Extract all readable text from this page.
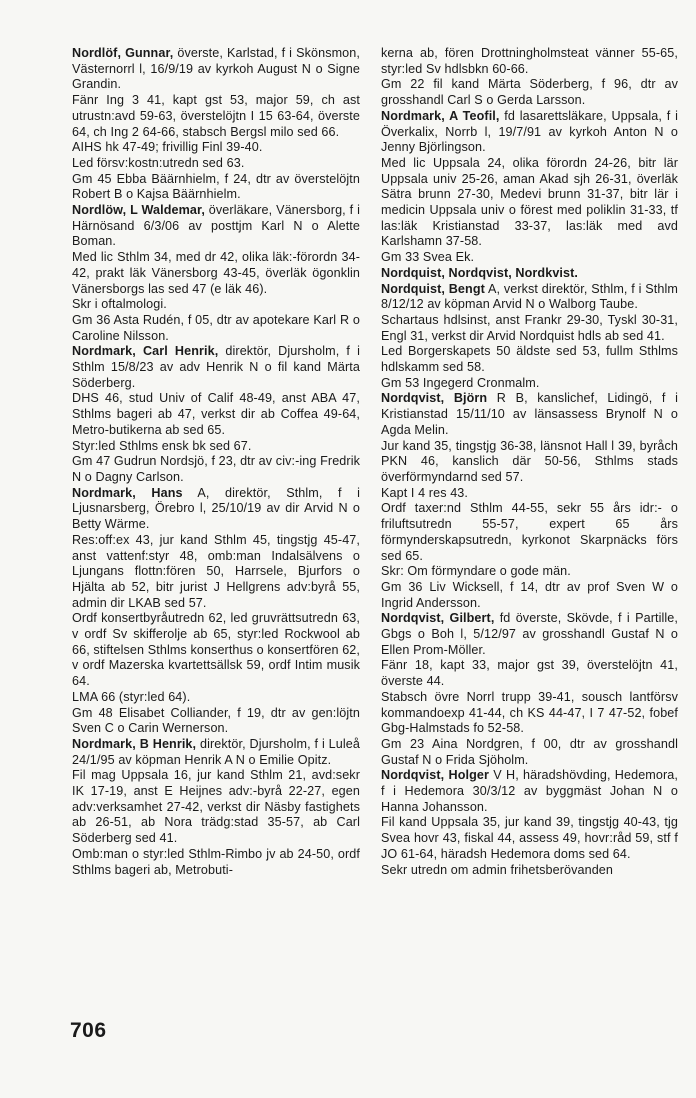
Nordlöf, Gunnar, överste, Karlstad, f i Skönsmon, Västernorrl l, 16/9/19 av kyrkoh August N o Signe Grandin.

Fänr Ing 3 41, kapt gst 53, major 59, ch ast utrustn:avd 59-63, överstelöjtn I 15 63-64, överste 64, ch Ing 2 64-66, stabsch Bergsl milo sed 66.

AIHS hk 47-49; frivillig Finl 39-40.

Led försv:kostn:utredn sed 63.

Gm 45 Ebba Bäärnhielm, f 24, dtr av överstelöjtn Robert B o Kajsa Bäärnhielm.

Nordlöw, L Waldemar, överläkare, Vänersborg, f i Härnösand 6/3/06 av posttjm Karl N o Alette Boman.

Med lic Sthlm 34, med dr 42, olika läk:-förordn 34-42, prakt läk Vänersborg 43-45, överläk ögonklin Vänersborgs las sed 47 (e läk 46).

Skr i oftalmologi.

Gm 36 Asta Rudén, f 05, dtr av apotekare Karl R o Caroline Nilsson.

Nordmark, Carl Henrik, direktör, Djursholm, f i Sthlm 15/8/23 av adv Henrik N o fil kand Märta Söderberg.

DHS 46, stud Univ of Calif 48-49, anst ABA 47, Sthlms bageri ab 47, verkst dir ab Coffea 49-64, Metro-butikerna ab sed 65.

Styr:led Sthlms ensk bk sed 67.

Gm 47 Gudrun Nordsjö, f 23, dtr av civ:-ing Fredrik N o Dagny Carlson.

Nordmark, Hans A, direktör, Sthlm, f i Ljusnarsberg, Örebro l, 25/10/19 av dir Arvid N o Betty Wärme.

Res:off:ex 43, jur kand Sthlm 45, tingstjg 45-47, anst vattenf:styr 48, omb:man Indalsälvens o Ljungans flottn:fören 50, Harrsele, Bjurfors o Hjälta ab 52, bitr jurist J Hellgrens adv:byrå 55, admin dir LKAB sed 57.

Ordf konsertbyråutredn 62, led gruvrättsutredn 63, v ordf Sv skifferolje ab 65, styr:led Rockwool ab 66, stiftelsen Sthlms konserthus o konsertfören 62, v ordf Mazerska kvartettsällsk 59, ordf Intim musik 64.

LMA 66 (styr:led 64).

Gm 48 Elisabet Colliander, f 19, dtr av gen:löjtn Sven C o Carin Wernerson.

Nordmark, B Henrik, direktör, Djursholm, f i Luleå 24/1/95 av köpman Henrik A N o Emilie Opitz.

Fil mag Uppsala 16, jur kand Sthlm 21, avd:sekr IK 17-19, anst E Heijnes adv:-byrå 22-27, egen adv:verksamhet 27-42, verkst dir Näsby fastighets ab 26-51, ab Nora trädg:stad 35-57, ab Carl Söderberg sed 41.

Omb:man o styr:led Sthlm-Rimbo jv ab 24-50, ordf Sthlms bageri ab, Metrobuti-

kerna ab, fören Drottningholmsteat vänner 55-65, styr:led Sv hdlsbkn 60-66.

Gm 22 fil kand Märta Söderberg, f 96, dtr av grosshandl Carl S o Gerda Larsson.

Nordmark, A Teofil, fd lasarettsläkare, Uppsala, f i Överkalix, Norrb l, 19/7/91 av kyrkoh Anton N o Jenny Björlingson.

Med lic Uppsala 24, olika förordn 24-26, bitr lär Uppsala univ 25-26, aman Akad sjh 26-31, överläk Sätra brunn 27-30, Medevi brunn 31-37, bitr lär i medicin Uppsala univ o förest med poliklin 31-33, tf las:läk Kristianstad 33-37, las:läk med avd Karlshamn 37-58.

Gm 33 Svea Ek.

Nordquist, Nordqvist, Nordkvist.

Nordquist, Bengt A, verkst direktör, Sthlm, f i Sthlm 8/12/12 av köpman Arvid N o Walborg Taube.

Schartaus hdlsinst, anst Frankr 29-30, Tyskl 30-31, Engl 31, verkst dir Arvid Nordquist hdls ab sed 41.

Led Borgerskapets 50 äldste sed 53, fullm Sthlms hdlskamm sed 58.

Gm 53 Ingegerd Cronmalm.

Nordqvist, Björn R B, kanslichef, Lidingö, f i Kristianstad 15/11/10 av länsassess Brynolf N o Agda Melin.

Jur kand 35, tingstjg 36-38, länsnot Hall l 39, byråch PKN 46, kanslich där 50-56, Sthlms stads överförmyndarnd sed 57.

Kapt I 4 res 43.

Ordf taxer:nd Sthlm 44-55, sekr 55 års idr:- o friluftsutredn 55-57, expert 65 års förmynderskapsutredn, kyrkonot Skarpnäcks förs sed 65.

Skr: Om förmyndare o gode män.

Gm 36 Liv Wicksell, f 14, dtr av prof Sven W o Ingrid Andersson.

Nordqvist, Gilbert, fd överste, Skövde, f i Partille, Gbgs o Boh l, 5/12/97 av grosshandl Gustaf N o Ellen Prom-Möller.

Fänr 18, kapt 33, major gst 39, överstelöjtn 41, överste 44.

Stabsch övre Norrl trupp 39-41, sousch lantförsv kommandoexp 41-44, ch KS 44-47, I 7 47-52, fobef Gbg-Halmstads fo 52-58.

Gm 23 Aina Nordgren, f 00, dtr av grosshandl Gustaf N o Frida Sjöholm.

Nordqvist, Holger V H, häradshövding, Hedemora, f i Hedemora 30/3/12 av byggmäst Johan N o Hanna Johansson.

Fil kand Uppsala 35, jur kand 39, tingstjg 40-43, tjg Svea hovr 43, fiskal 44, assess 49, hovr:råd 59, stf f JO 61-64, häradsh Hedemora doms sed 64.

Sekr utredn om admin frihetsberövanden

706
